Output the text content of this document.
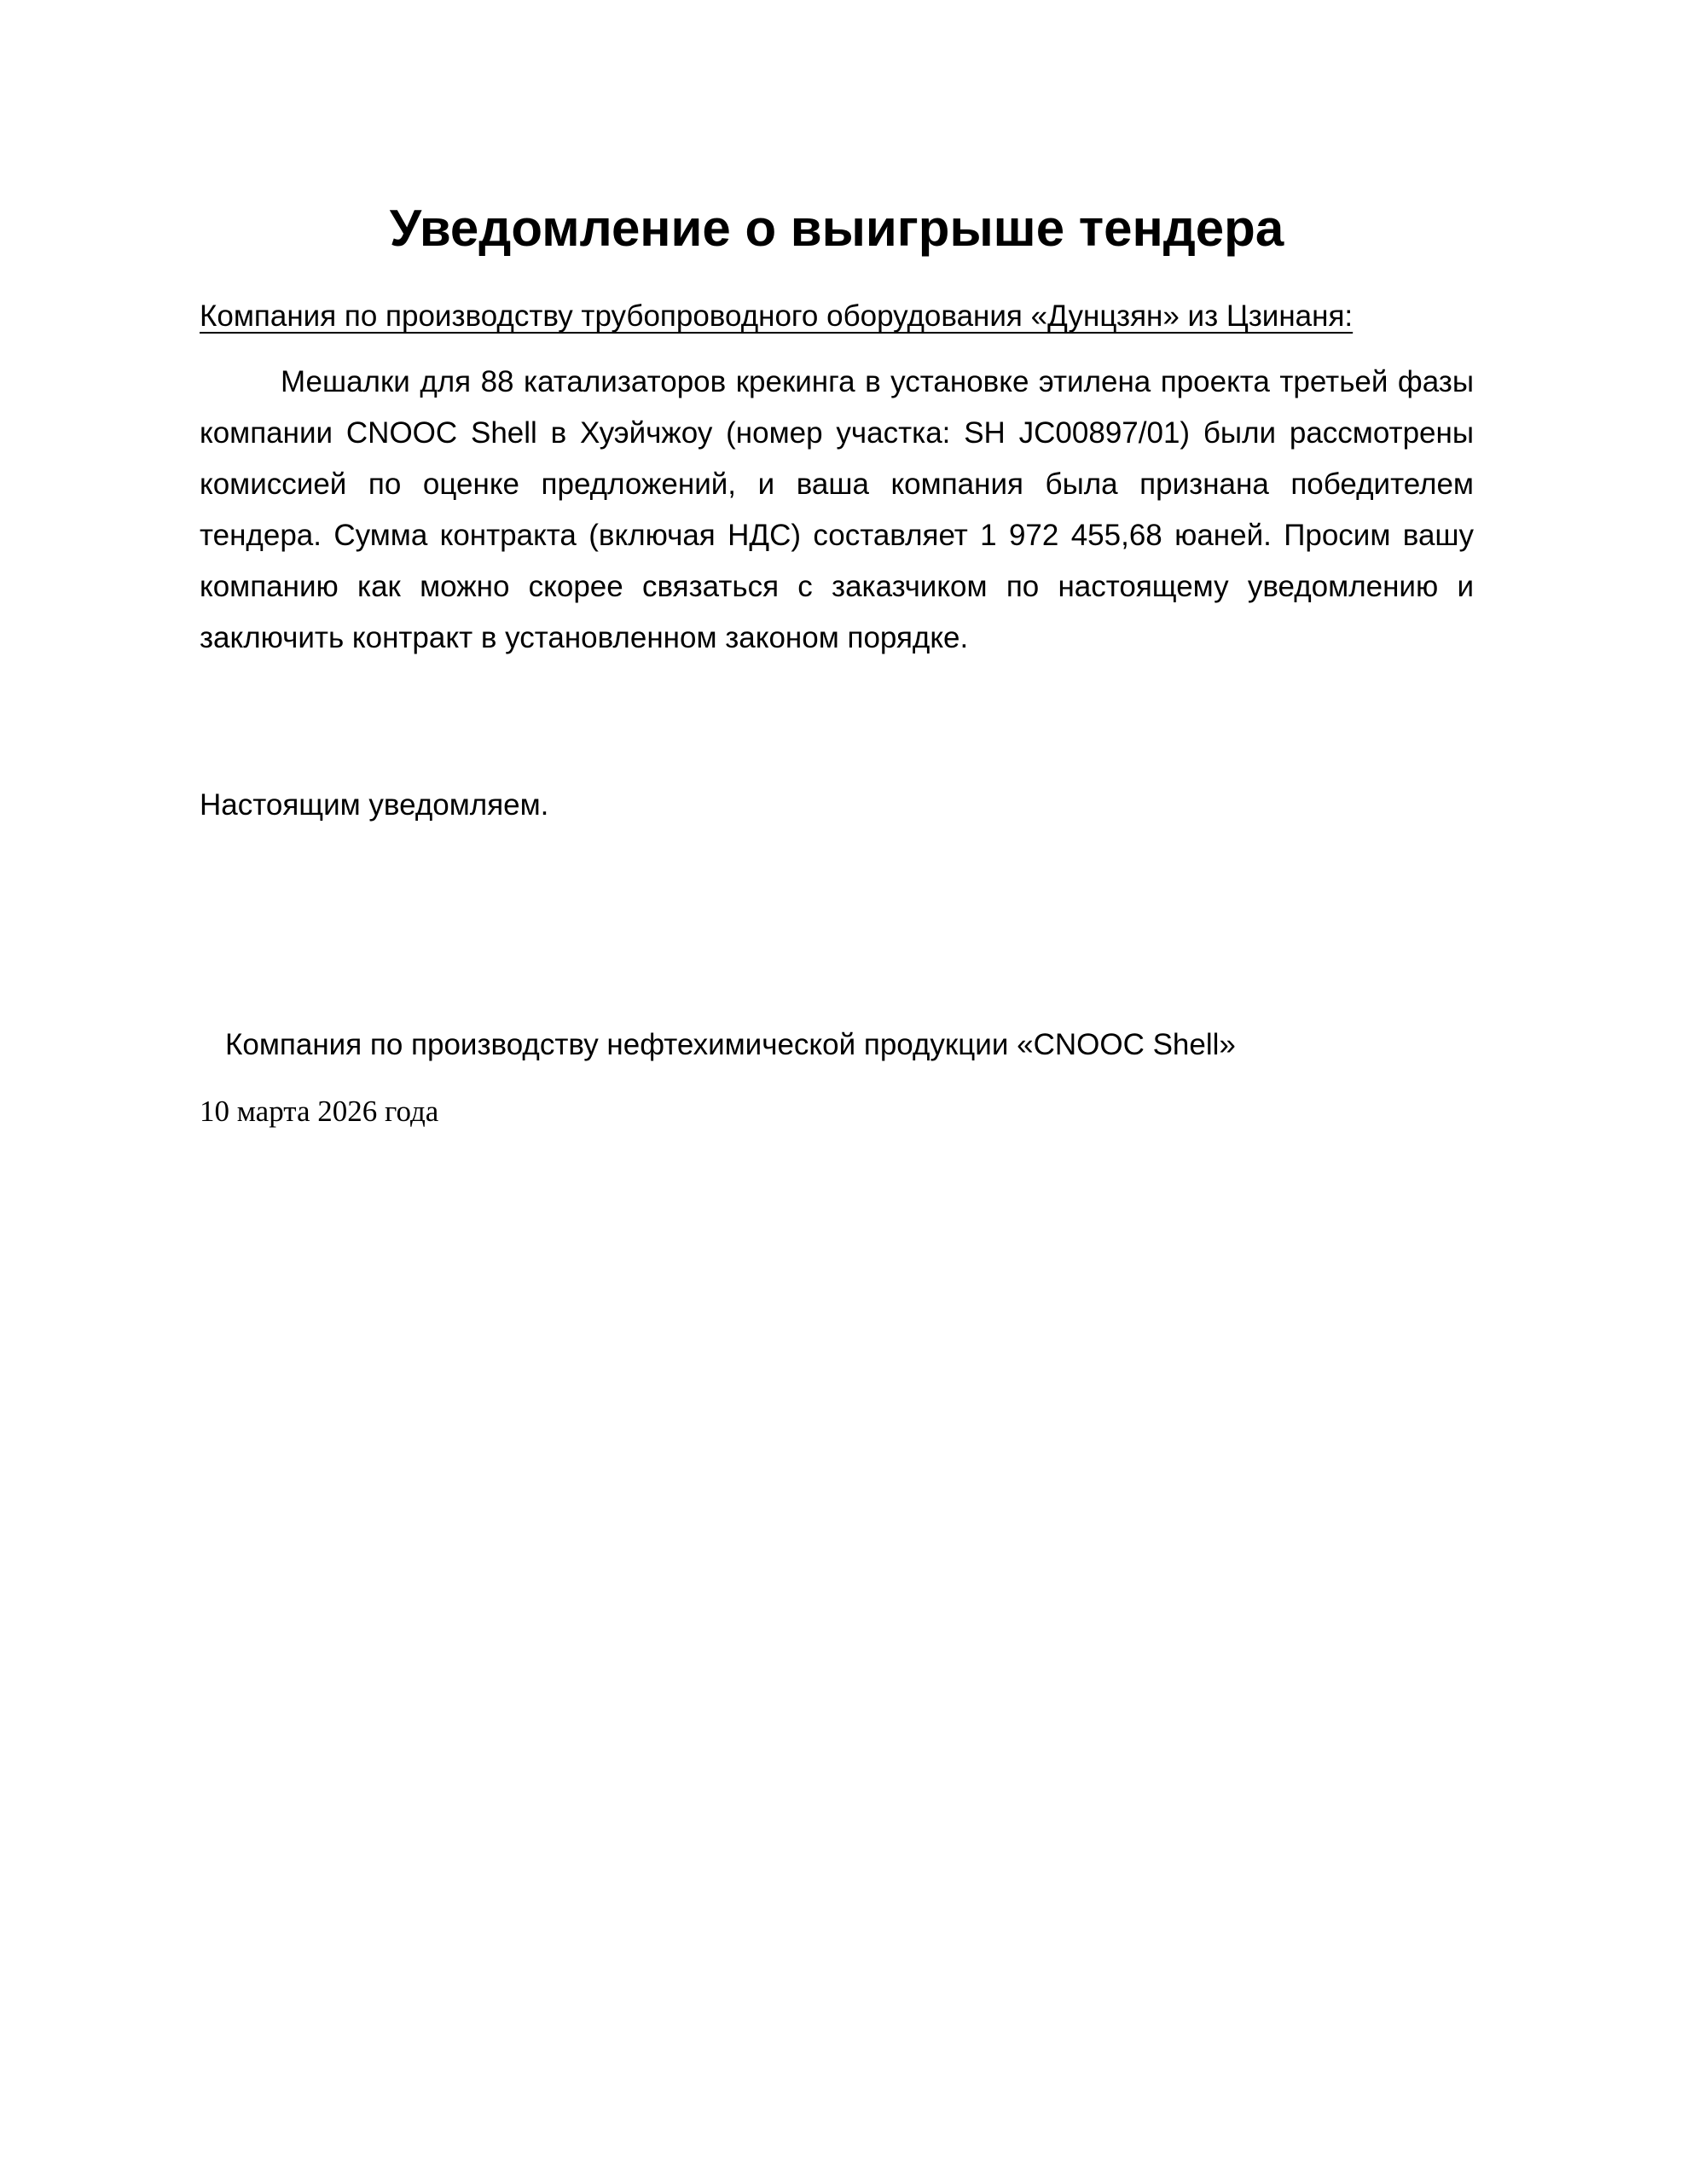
Уведомление о выигрыше тендера

Компания по производству трубопроводного оборудования «Дунцзян» из Цзинаня:

Мешалки для 88 катализаторов крекинга в установке этилена проекта третьей фазы компании CNOOC Shell в Хуэйчжоу (номер участка: SH JC00897/01) были рассмотрены комиссией по оценке предложений, и ваша компания была признана победителем тендера. Сумма контракта (включая НДС) составляет 1 972 455,68 юаней. Просим вашу компанию как можно скорее связаться с заказчиком по настоящему уведомлению и заключить контракт в установленном законом порядке.

Настоящим уведомляем.

Компания по производству нефтехимической продукции «CNOOC Shell»

10 марта 2026 года
